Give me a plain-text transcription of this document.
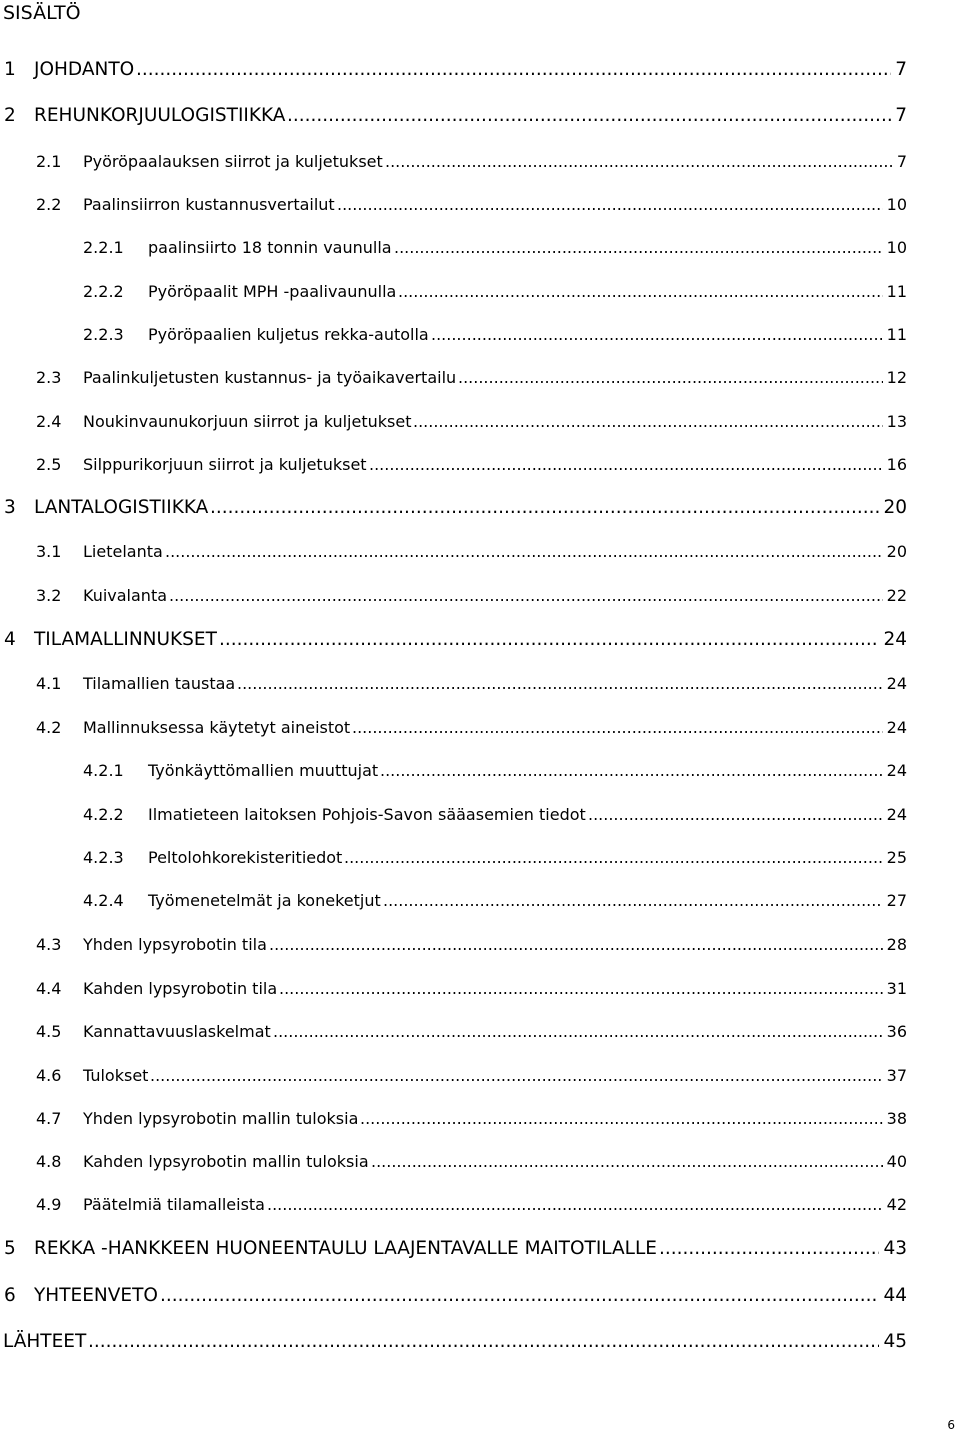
SISÄLTÖ
1 JOHDANTO .....	7
2 REHUNKORJUULOGISTIIKKA .....	7
2.1 Pyöröpaalauksen siirrot ja kuljetukset .....	7
2.2 Paalinsiirron kustannusvertailut .....	10
2.2.1 paalinsiirto 18 tonnin vaunulla .....	10
2.2.2 Pyöröpaalit MPH -paalivaunulla .....	11
2.2.3 Pyöröpaalien kuljetus rekka-autolla .....	11
2.3 Paalinkuljetusten kustannus- ja työaikavertailu .....	12
2.4 Noukinvaunukorjuun siirrot ja kuljetukset .....	13
2.5 Silppurikorjuun siirrot ja kuljetukset .....	16
3 LANTALOGISTIIKKA .....	20
3.1 Lietelanta .....	20
3.2 Kuivalanta .....	22
4 TILAMALLINNUKSET .....	24
4.1 Tilamallien taustaa .....	24
4.2 Mallinnuksessa käytetyt aineistot .....	24
4.2.1 Työnkäyttömallien muuttujat .....	24
4.2.2 Ilmatieteen laitoksen Pohjois-Savon sääasemien tiedot .....	24
4.2.3 Peltolohkorekisteritiedot .....	25
4.2.4 Työmenetelmät ja koneketjut .....	27
4.3 Yhden lypsyrobotin tila .....	28
4.4 Kahden lypsyrobotin tila .....	31
4.5 Kannattavuuslaskelmat .....	36
4.6 Tulokset .....	37
4.7 Yhden lypsyrobotin mallin tuloksia .....	38
4.8 Kahden lypsyrobotin mallin tuloksia .....	40
4.9 Päätelmiä tilamalleista .....	42
5 REKKA -HANKKEEN HUONEENTAULU LAAJENTAVALLE MAITOTILALLE .....	43
6 YHTEENVETO .....	44
LÄHTEET .....	45
6
